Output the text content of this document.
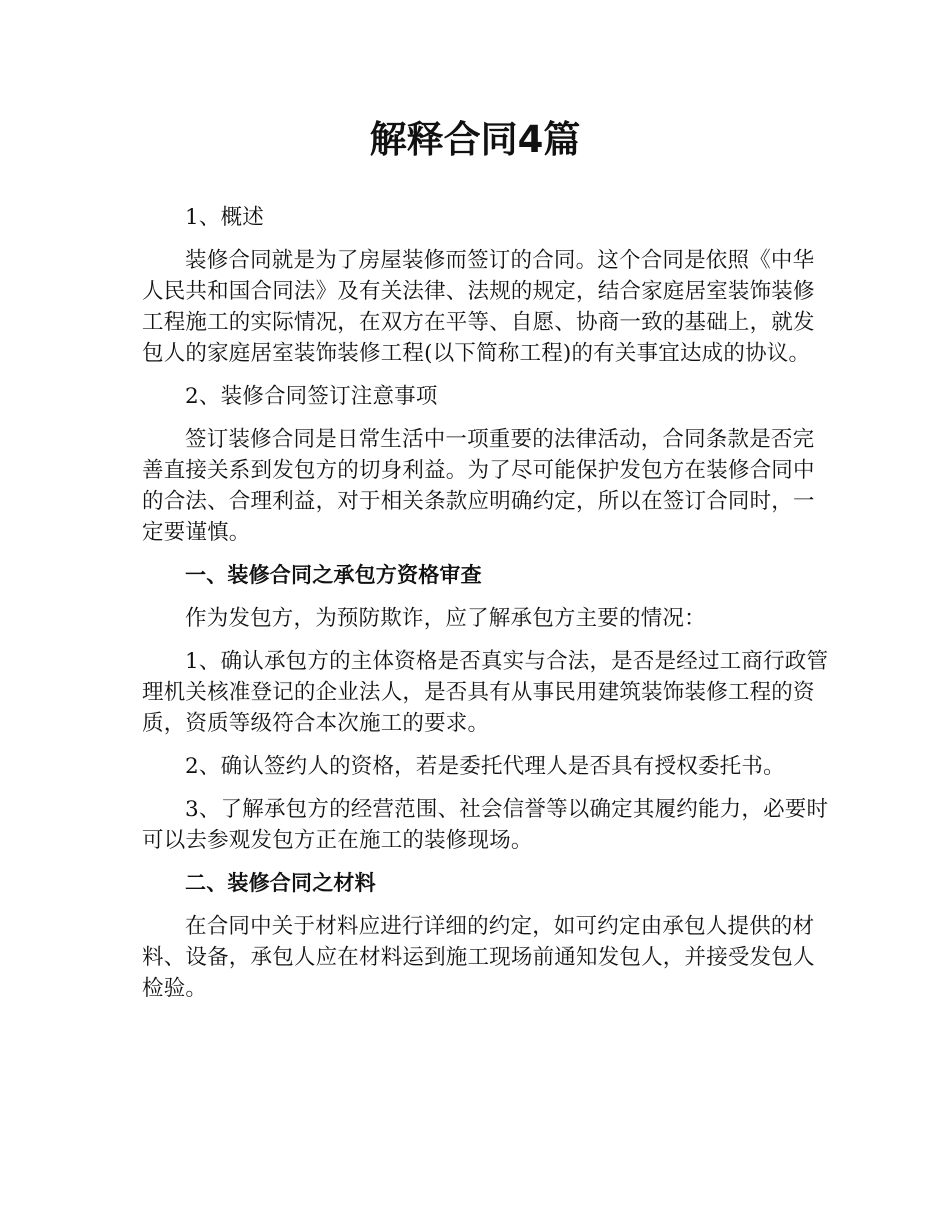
解释合同4篇

1、概述

装修合同就是为了房屋装修而签订的合同。这个合同是依照《中华人民共和国合同法》及有关法律、法规的规定，结合家庭居室装饰装修工程施工的实际情况，在双方在平等、自愿、协商一致的基础上，就发包人的家庭居室装饰装修工程(以下简称工程)的有关事宜达成的协议。

2、装修合同签订注意事项

签订装修合同是日常生活中一项重要的法律活动，合同条款是否完善直接关系到发包方的切身利益。为了尽可能保护发包方在装修合同中的合法、合理利益，对于相关条款应明确约定，所以在签订合同时，一定要谨慎。

一、装修合同之承包方资格审查

作为发包方，为预防欺诈，应了解承包方主要的情况：

1、确认承包方的主体资格是否真实与合法，是否是经过工商行政管理机关核准登记的企业法人，是否具有从事民用建筑装饰装修工程的资质，资质等级符合本次施工的要求。

2、确认签约人的资格，若是委托代理人是否具有授权委托书。

3、了解承包方的经营范围、社会信誉等以确定其履约能力，必要时可以去参观发包方正在施工的装修现场。

二、装修合同之材料

在合同中关于材料应进行详细的约定，如可约定由承包人提供的材料、设备，承包人应在材料运到施工现场前通知发包人，并接受发包人检验。
